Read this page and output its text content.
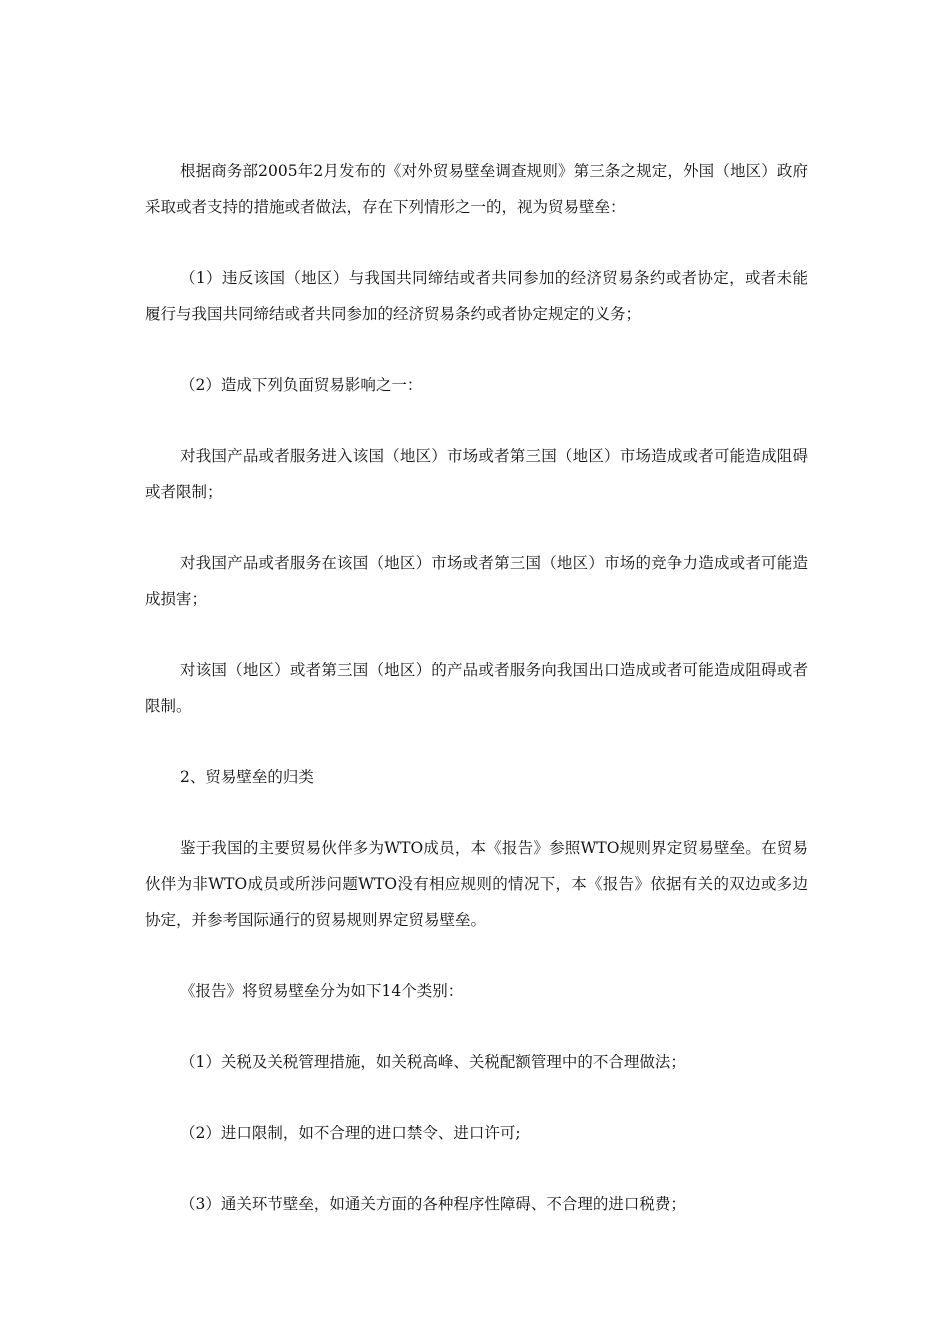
根据商务部2005年2月发布的《对外贸易壁垒调查规则》第三条之规定，外国（地区）政府采取或者支持的措施或者做法，存在下列情形之一的，视为贸易壁垒：

（1）违反该国（地区）与我国共同缔结或者共同参加的经济贸易条约或者协定，或者未能履行与我国共同缔结或者共同参加的经济贸易条约或者协定规定的义务；

（2）造成下列负面贸易影响之一：

对我国产品或者服务进入该国（地区）市场或者第三国（地区）市场造成或者可能造成阻碍或者限制；

对我国产品或者服务在该国（地区）市场或者第三国（地区）市场的竞争力造成或者可能造成损害；

对该国（地区）或者第三国（地区）的产品或者服务向我国出口造成或者可能造成阻碍或者限制。

2、贸易壁垒的归类

鉴于我国的主要贸易伙伴多为WTO成员，本《报告》参照WTO规则界定贸易壁垒。在贸易伙伴为非WTO成员或所涉问题WTO没有相应规则的情况下，本《报告》依据有关的双边或多边协定，并参考国际通行的贸易规则界定贸易壁垒。

《报告》将贸易壁垒分为如下14个类别：

（1）关税及关税管理措施，如关税高峰、关税配额管理中的不合理做法；

（2）进口限制，如不合理的进口禁令、进口许可;

（3）通关环节壁垒，如通关方面的各种程序性障碍、不合理的进口税费；
